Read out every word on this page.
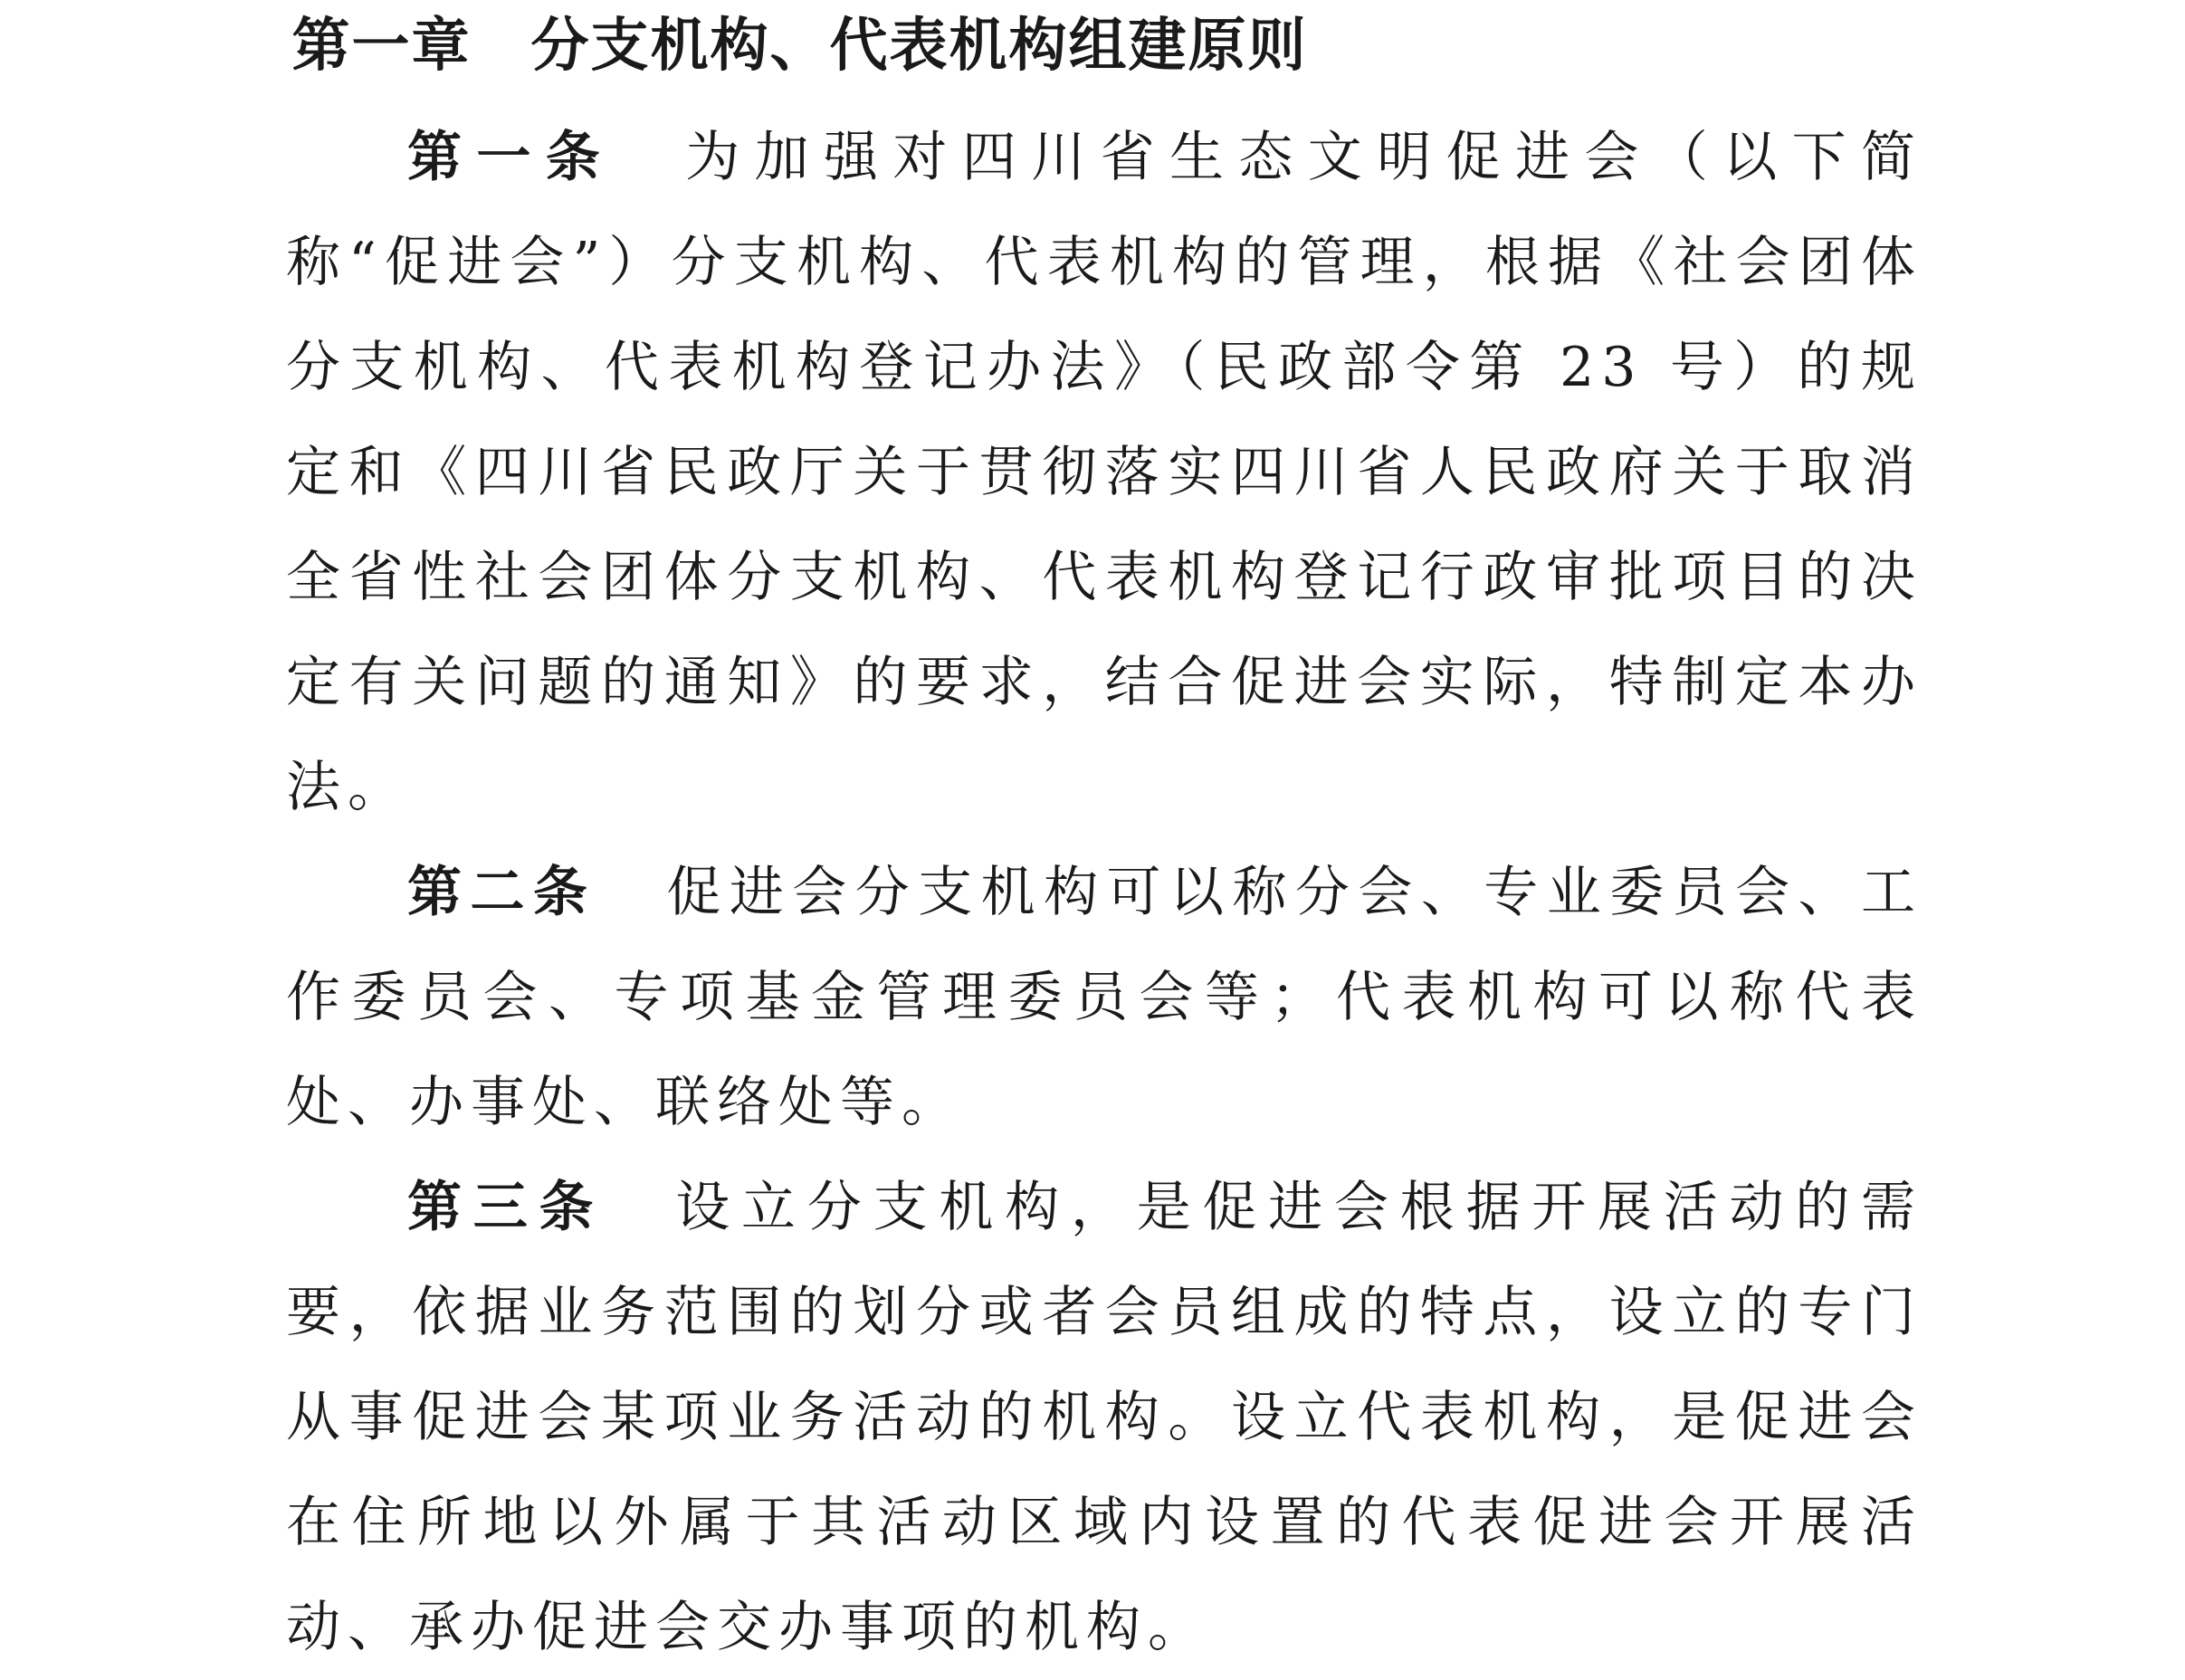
第一章　分支机构、代表机构组建原则

第一条 为加强对四川省生态文明促进会（以下简称“促进会”）分支机构、代表机构的管理，根据《社会团体分支机构、代表机构登记办法》（民政部令第 23 号）的规定和《四川省民政厅关于贯彻落实四川省人民政府关于取消全省性社会团体分支机构、代表机构登记行政审批项目的决定有关问题的通知》的要求，结合促进会实际，特制定本办法。

第二条 促进会分支机构可以称分会、专业委员会、工作委员会、专项基金管理委员会等；代表机构可以称代表处、办事处、联络处等。

第三条 设立分支机构，是促进会根据开展活动的需要，依据业务范围的划分或者会员组成的特点，设立的专门从事促进会某项业务活动的机构。设立代表机构，是促进会在住所地以外属于其活动区域内设置的代表促进会开展活动、承办促进会交办事项的机构。
